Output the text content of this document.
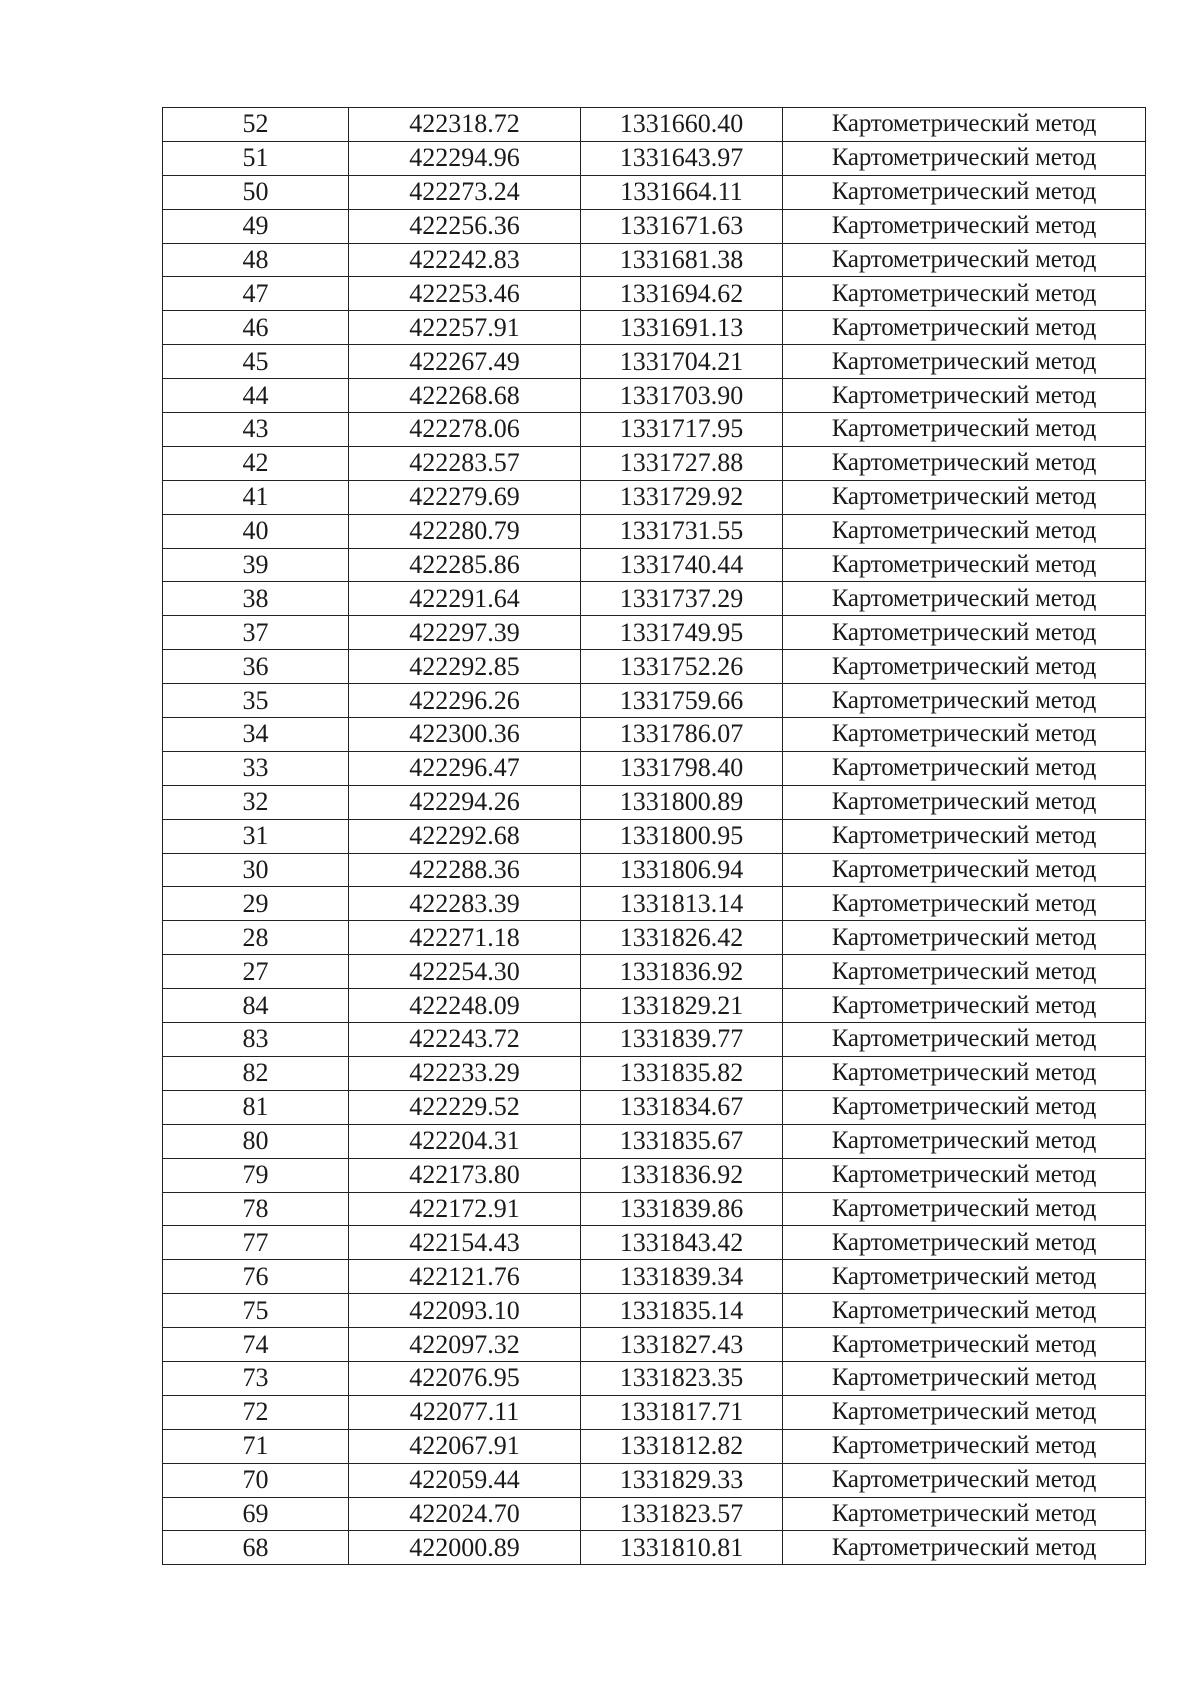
52	422318.72	1331660.40	Картометрический метод
51	422294.96	1331643.97	Картометрический метод
50	422273.24	1331664.11	Картометрический метод
49	422256.36	1331671.63	Картометрический метод
48	422242.83	1331681.38	Картометрический метод
47	422253.46	1331694.62	Картометрический метод
46	422257.91	1331691.13	Картометрический метод
45	422267.49	1331704.21	Картометрический метод
44	422268.68	1331703.90	Картометрический метод
43	422278.06	1331717.95	Картометрический метод
42	422283.57	1331727.88	Картометрический метод
41	422279.69	1331729.92	Картометрический метод
40	422280.79	1331731.55	Картометрический метод
39	422285.86	1331740.44	Картометрический метод
38	422291.64	1331737.29	Картометрический метод
37	422297.39	1331749.95	Картометрический метод
36	422292.85	1331752.26	Картометрический метод
35	422296.26	1331759.66	Картометрический метод
34	422300.36	1331786.07	Картометрический метод
33	422296.47	1331798.40	Картометрический метод
32	422294.26	1331800.89	Картометрический метод
31	422292.68	1331800.95	Картометрический метод
30	422288.36	1331806.94	Картометрический метод
29	422283.39	1331813.14	Картометрический метод
28	422271.18	1331826.42	Картометрический метод
27	422254.30	1331836.92	Картометрический метод
84	422248.09	1331829.21	Картометрический метод
83	422243.72	1331839.77	Картометрический метод
82	422233.29	1331835.82	Картометрический метод
81	422229.52	1331834.67	Картометрический метод
80	422204.31	1331835.67	Картометрический метод
79	422173.80	1331836.92	Картометрический метод
78	422172.91	1331839.86	Картометрический метод
77	422154.43	1331843.42	Картометрический метод
76	422121.76	1331839.34	Картометрический метод
75	422093.10	1331835.14	Картометрический метод
74	422097.32	1331827.43	Картометрический метод
73	422076.95	1331823.35	Картометрический метод
72	422077.11	1331817.71	Картометрический метод
71	422067.91	1331812.82	Картометрический метод
70	422059.44	1331829.33	Картометрический метод
69	422024.70	1331823.57	Картометрический метод
68	422000.89	1331810.81	Картометрический метод
